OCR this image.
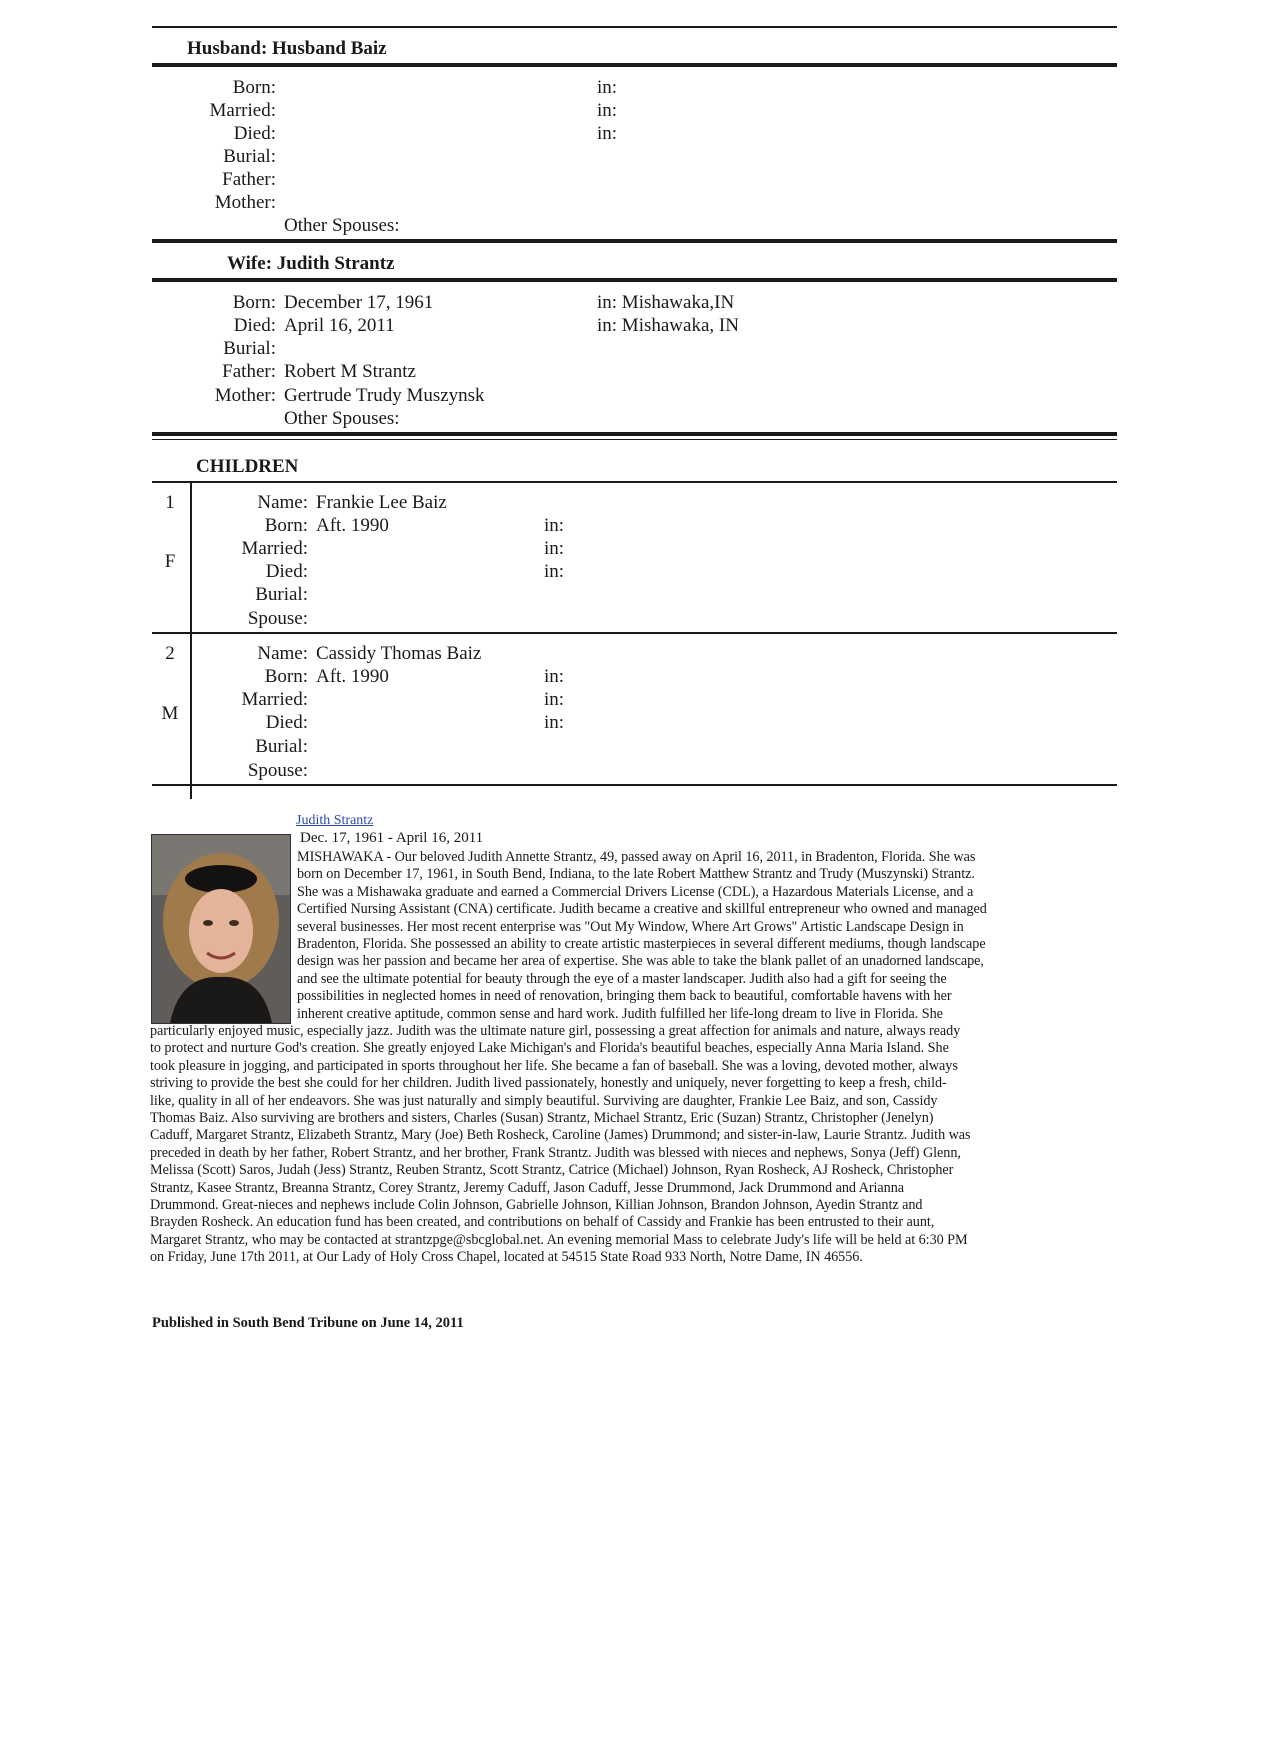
Husband: Husband Baiz
Born:	in:
Married:	in:
Died:	in:
Burial:
Father:
Mother:
Other Spouses:
Wife: Judith Strantz
Born: December 17, 1961	in: Mishawaka,IN
Died: April 16, 2011	in: Mishawaka, IN
Burial:
Father: Robert M Strantz
Mother: Gertrude Trudy Muszynsk
Other Spouses:
CHILDREN
1
F
Name: Frankie Lee Baiz
Born: Aft. 1990	in:
Married:	in:
Died:	in:
Burial:
Spouse:
2
M
Name: Cassidy Thomas Baiz
Born: Aft. 1990	in:
Married:	in:
Died:	in:
Burial:
Spouse:
Judith Strantz
Dec. 17, 1961 - April 16, 2011
MISHAWAKA - Our beloved Judith Annette Strantz, 49, passed away on April 16, 2011, in Bradenton, Florida. She was
born on December 17, 1961, in South Bend, Indiana, to the late Robert Matthew Strantz and Trudy (Muszynski) Strantz.
She was a Mishawaka graduate and earned a Commercial Drivers License (CDL), a Hazardous Materials License, and a
Certified Nursing Assistant (CNA) certificate. Judith became a creative and skillful entrepreneur who owned and managed
several businesses. Her most recent enterprise was "Out My Window, Where Art Grows" Artistic Landscape Design in
Bradenton, Florida. She possessed an ability to create artistic masterpieces in several different mediums, though landscape
design was her passion and became her area of expertise. She was able to take the blank pallet of an unadorned landscape,
and see the ultimate potential for beauty through the eye of a master landscaper. Judith also had a gift for seeing the
possibilities in neglected homes in need of renovation, bringing them back to beautiful, comfortable havens with her
inherent creative aptitude, common sense and hard work. Judith fulfilled her life-long dream to live in Florida. She
particularly enjoyed music, especially jazz. Judith was the ultimate nature girl, possessing a great affection for animals and nature, always ready
to protect and nurture God's creation. She greatly enjoyed Lake Michigan's and Florida's beautiful beaches, especially Anna Maria Island. She
took pleasure in jogging, and participated in sports throughout her life. She became a fan of baseball. She was a loving, devoted mother, always
striving to provide the best she could for her children. Judith lived passionately, honestly and uniquely, never forgetting to keep a fresh, child-
like, quality in all of her endeavors. She was just naturally and simply beautiful. Surviving are daughter, Frankie Lee Baiz, and son, Cassidy
Thomas Baiz. Also surviving are brothers and sisters, Charles (Susan) Strantz, Michael Strantz, Eric (Suzan) Strantz, Christopher (Jenelyn)
Caduff, Margaret Strantz, Elizabeth Strantz, Mary (Joe) Beth Rosheck, Caroline (James) Drummond; and sister-in-law, Laurie Strantz. Judith was
preceded in death by her father, Robert Strantz, and her brother, Frank Strantz. Judith was blessed with nieces and nephews, Sonya (Jeff) Glenn,
Melissa (Scott) Saros, Judah (Jess) Strantz, Reuben Strantz, Scott Strantz, Catrice (Michael) Johnson, Ryan Rosheck, AJ Rosheck, Christopher
Strantz, Kasee Strantz, Breanna Strantz, Corey Strantz, Jeremy Caduff, Jason Caduff, Jesse Drummond, Jack Drummond and Arianna
Drummond. Great-nieces and nephews include Colin Johnson, Gabrielle Johnson, Killian Johnson, Brandon Johnson, Ayedin Strantz and
Brayden Rosheck. An education fund has been created, and contributions on behalf of Cassidy and Frankie has been entrusted to their aunt,
Margaret Strantz, who may be contacted at strantzpge@sbcglobal.net. An evening memorial Mass to celebrate Judy's life will be held at 6:30 PM
on Friday, June 17th 2011, at Our Lady of Holy Cross Chapel, located at 54515 State Road 933 North, Notre Dame, IN 46556.
Published in South Bend Tribune on June 14, 2011
